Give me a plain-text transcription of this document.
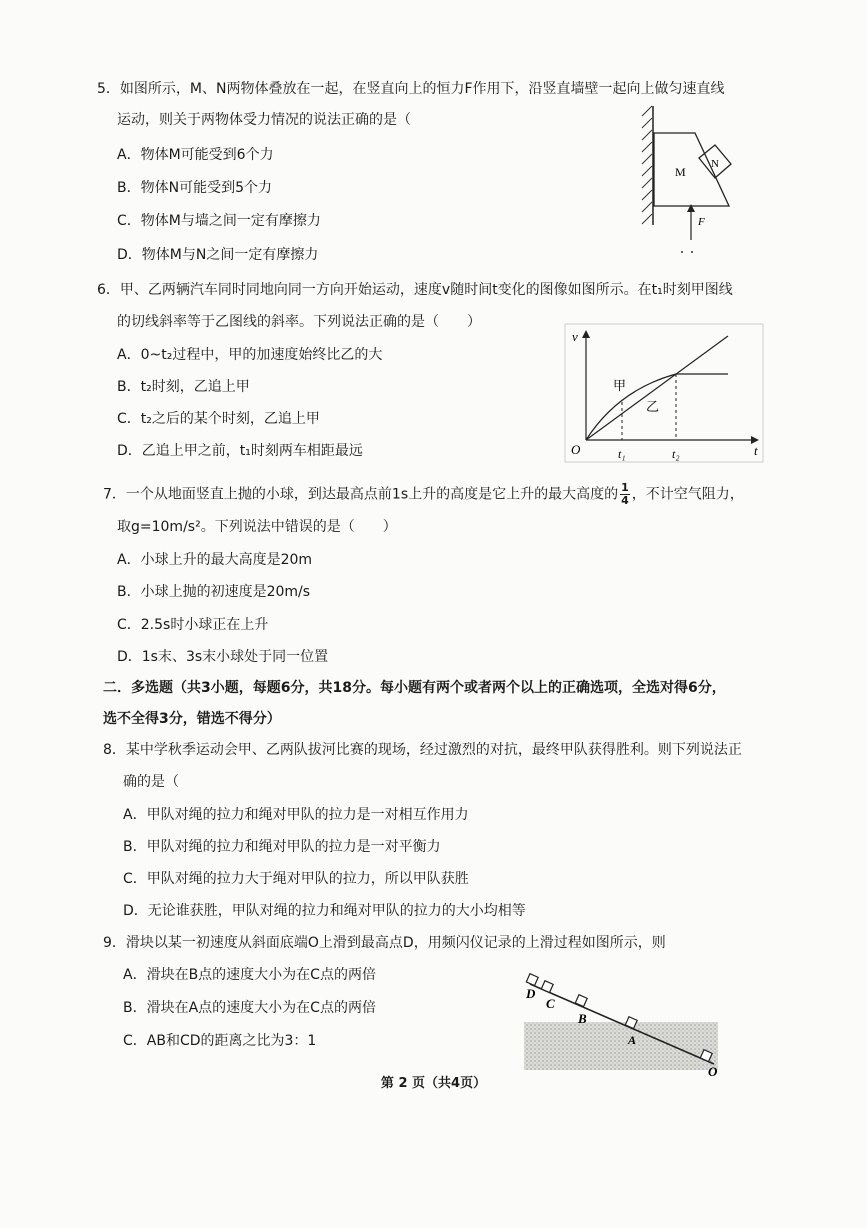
5．如图所示，M、N两物体叠放在一起，在竖直向上的恒力F作用下，沿竖直墙壁一起向上做匀速直线
运动，则关于两物体受力情况的说法正确的是（
A．物体M可能受到6个力
B．物体N可能受到5个力
C．物体M与墙之间一定有摩擦力
D．物体M与N之间一定有摩擦力
M
N
F
6．甲、乙两辆汽车同时同地向同一方向开始运动，速度v随时间t变化的图像如图所示。在t₁时刻甲图线
的切线斜率等于乙图线的斜率。下列说法正确的是（　　）
A．0~t₂过程中，甲的加速度始终比乙的大
B．t₂时刻，乙追上甲
C．t₂之后的某个时刻，乙追上甲
D．乙追上甲之前，t₁时刻两车相距最远
v
t
O
甲
乙
t₁	t₂
7．一个从地面竖直上抛的小球，到达最高点前1s上升的高度是它上升的最大高度的 $\frac{1}{4}$ ，不计空气阻力，
取g=10m/s²。下列说法中错误的是（　　）
A．小球上升的最大高度是20m
B．小球上抛的初速度是20m/s
C．2.5s时小球正在上升
D．1s末、3s末小球处于同一位置
二．多选题（共3小题，每题6分，共18分。每小题有两个或者两个以上的正确选项，全选对得6分，
选不全得3分，错选不得分）
8．某中学秋季运动会甲、乙两队拔河比赛的现场，经过激烈的对抗，最终甲队获得胜利。则下列说法正
确的是（
A．甲队对绳的拉力和绳对甲队的拉力是一对相互作用力
B．甲队对绳的拉力和绳对甲队的拉力是一对平衡力
C．甲队对绳的拉力大于绳对甲队的拉力，所以甲队获胜
D．无论谁获胜，甲队对绳的拉力和绳对甲队的拉力的大小均相等
9．滑块以某一初速度从斜面底端O上滑到最高点D，用频闪仪记录的上滑过程如图所示，则
A．滑块在B点的速度大小为在C点的两倍
B．滑块在A点的速度大小为在C点的两倍
C．AB和CD的距离之比为3：1
D
C
B
A
O
第 2 页（共4页）
